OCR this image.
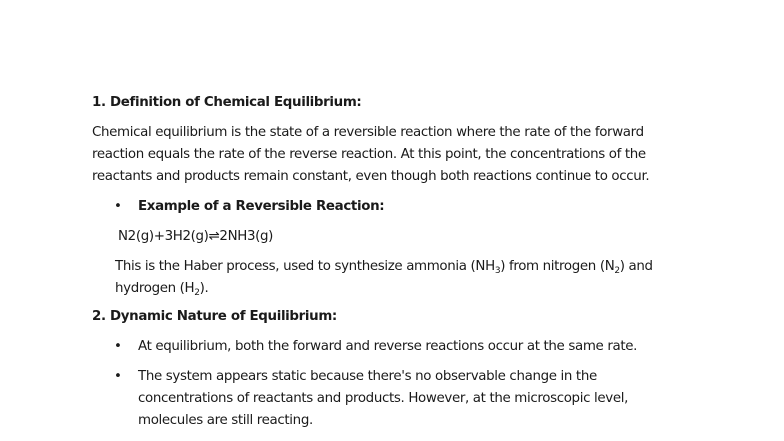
1. Definition of Chemical Equilibrium:
Chemical equilibrium is the state of a reversible reaction where the rate of the forward reaction equals the rate of the reverse reaction. At this point, the concentrations of the reactants and products remain constant, even though both reactions continue to occur.
• Example of a Reversible Reaction:
N2(g)+3H2(g)⇌2NH3(g)
This is the Haber process, used to synthesize ammonia $(NH_3)$ from nitrogen $(N_2)$ and hydrogen $(H_2)$.
2. Dynamic Nature of Equilibrium:
• At equilibrium, both the forward and reverse reactions occur at the same rate.
• The system appears static because there's no observable change in the concentrations of reactants and products. However, at the microscopic level, molecules are still reacting.
